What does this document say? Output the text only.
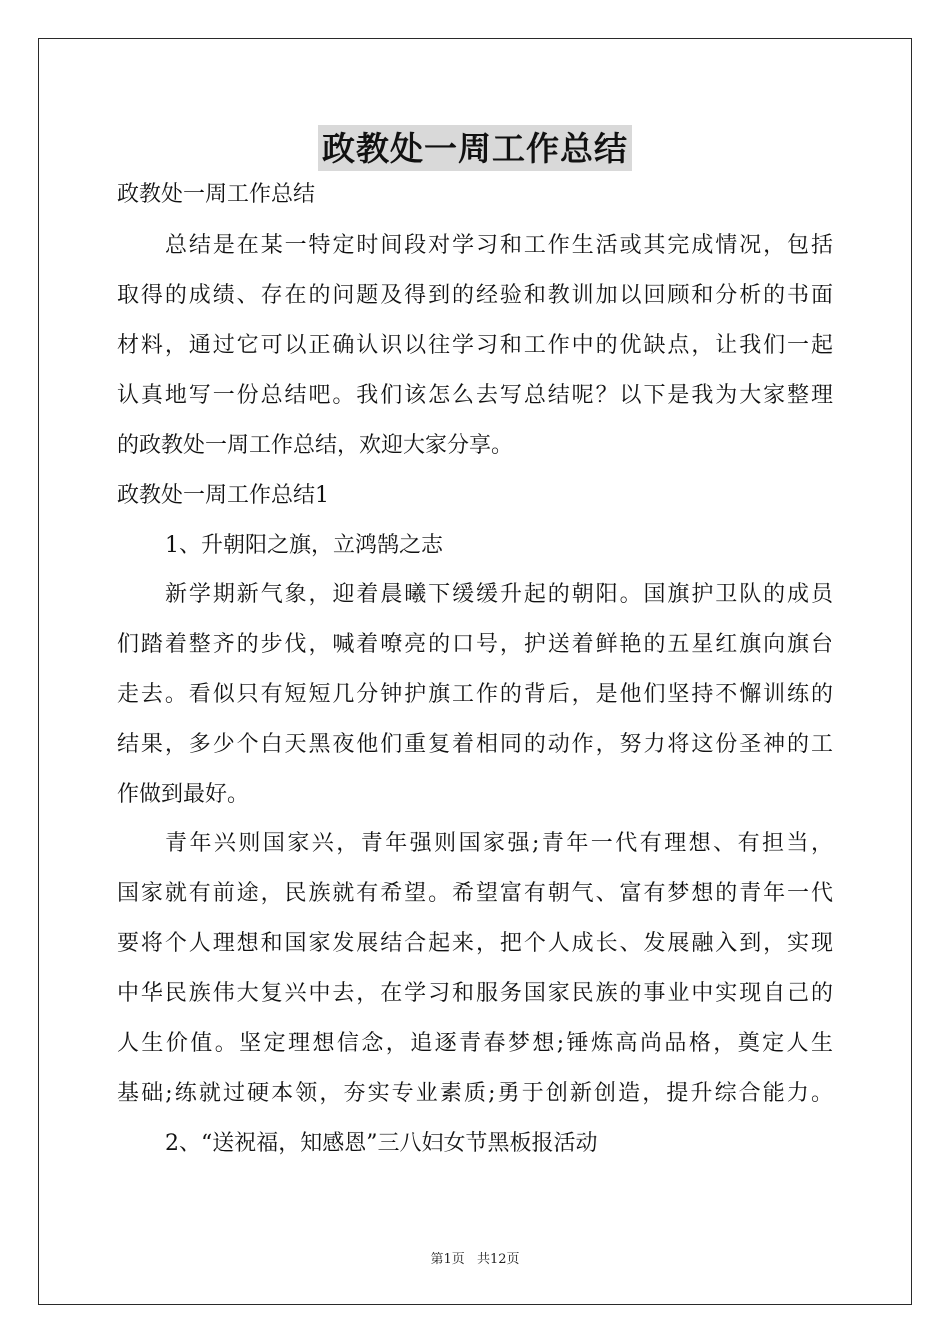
政教处一周工作总结
政教处一周工作总结
总结是在某一特定时间段对学习和工作生活或其完成情况，包括
取得的成绩、存在的问题及得到的经验和教训加以回顾和分析的书面
材料，通过它可以正确认识以往学习和工作中的优缺点，让我们一起
认真地写一份总结吧。我们该怎么去写总结呢？以下是我为大家整理
的政教处一周工作总结，欢迎大家分享。
政教处一周工作总结1
1、升朝阳之旗，立鸿鹄之志
新学期新气象，迎着晨曦下缓缓升起的朝阳。国旗护卫队的成员
们踏着整齐的步伐，喊着嘹亮的口号，护送着鲜艳的五星红旗向旗台
走去。看似只有短短几分钟护旗工作的背后，是他们坚持不懈训练的
结果，多少个白天黑夜他们重复着相同的动作，努力将这份圣神的工
作做到最好。
青年兴则国家兴，青年强则国家强;青年一代有理想、有担当，
国家就有前途，民族就有希望。希望富有朝气、富有梦想的青年一代
要将个人理想和国家发展结合起来，把个人成长、发展融入到，实现
中华民族伟大复兴中去，在学习和服务国家民族的事业中实现自己的
人生价值。坚定理想信念，追逐青春梦想;锤炼高尚品格，奠定人生
基础;练就过硬本领，夯实专业素质;勇于创新创造，提升综合能力。
2、“送祝福，知感恩”三八妇女节黑板报活动
第1页 共12页
